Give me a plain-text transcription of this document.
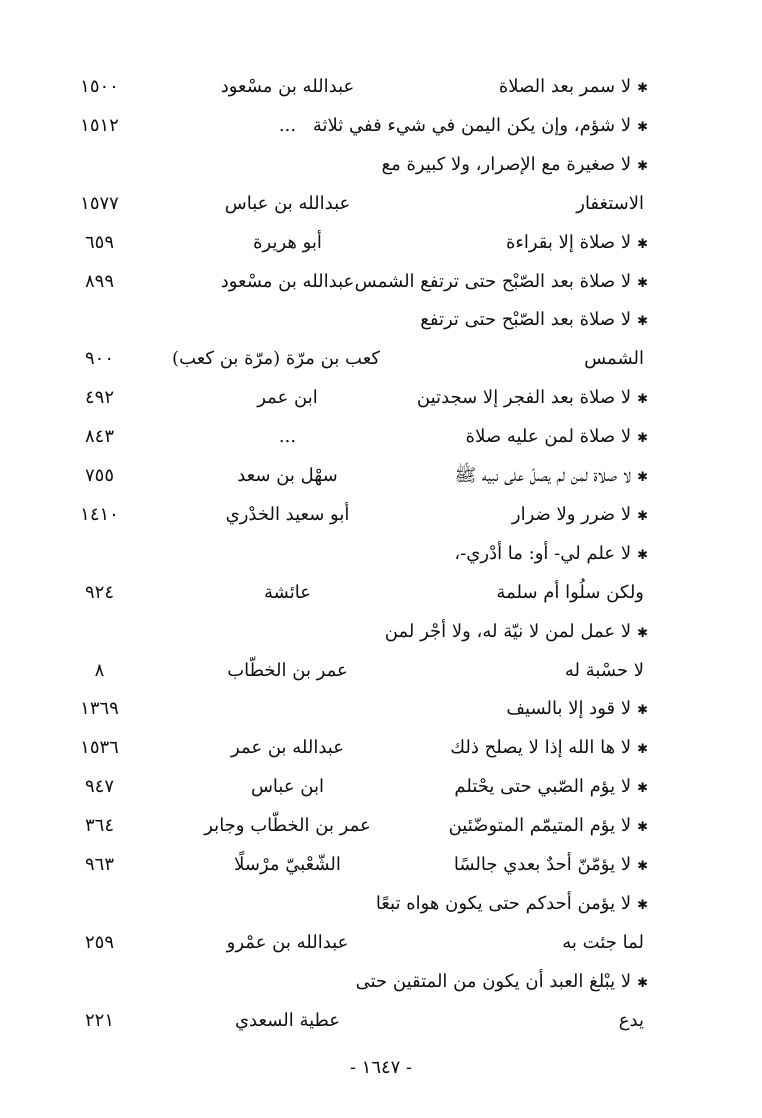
✱لا سمر بعد الصلاة
عبدالله بن مسْعود
١٥٠٠
✱لا شؤم، وإن يكن اليمن في شيء ففي ثلاثة
...
١٥١٢
✱لا صغيرة مع الإصرار، ولا كبيرة مع
الاستغفار
عبدالله بن عباس
١٥٧٧
✱لا صلاة إلا بقراءة
أبو هريرة
٦٥٩
✱لا صلاة بعد الصّبْح حتى ترتفع الشمس
عبدالله بن مسْعود
٨٩٩
✱لا صلاة بعد الصّبْح حتى ترتفع
الشمس
كعب بن مرّة (مرّة بن كعب)
٩٠٠
✱لا صلاة بعد الفجر إلا سجدتين
ابن عمر
٤٩٢
✱لا صلاة لمن عليه صلاة
...
٨٤٣
✱لا صلاة لمن لم يصلّ على نبيه ﷺ
سهْل بن سعد
٧٥٥
✱لا ضرر ولا ضرار
أبو سعيد الخدْري
١٤١٠
✱لا علم لي- أو: ما أدْري-،
ولكن سلُوا أم سلمة
عائشة
٩٢٤
✱لا عمل لمن لا نيّة له، ولا أجْر لمن
لا حسْبة له
عمر بن الخطّاب
٨
✱لا قود إلا بالسيف
١٣٦٩
✱لا ها الله إذا لا يصلح ذلك
عبدالله بن عمر
١٥٣٦
✱لا يؤم الصّبي حتى يحْتلم
ابن عباس
٩٤٧
✱لا يؤم المتيمّم المتوضّئين
عمر بن الخطّاب وجابر
٣٦٤
✱لا يؤمّنّ أحدٌ بعدي جالسًا
الشّعْبيّ مرْسلًا
٩٦٣
✱لا يؤمن أحدكم حتى يكون هواه تبعًا
لما جئت به
عبدالله بن عمْرو
٢٥٩
✱لا يبْلغ العبد أن يكون من المتقين حتى
يدع
عطية السعدي
٢٢١
- ١٦٤٧ -
